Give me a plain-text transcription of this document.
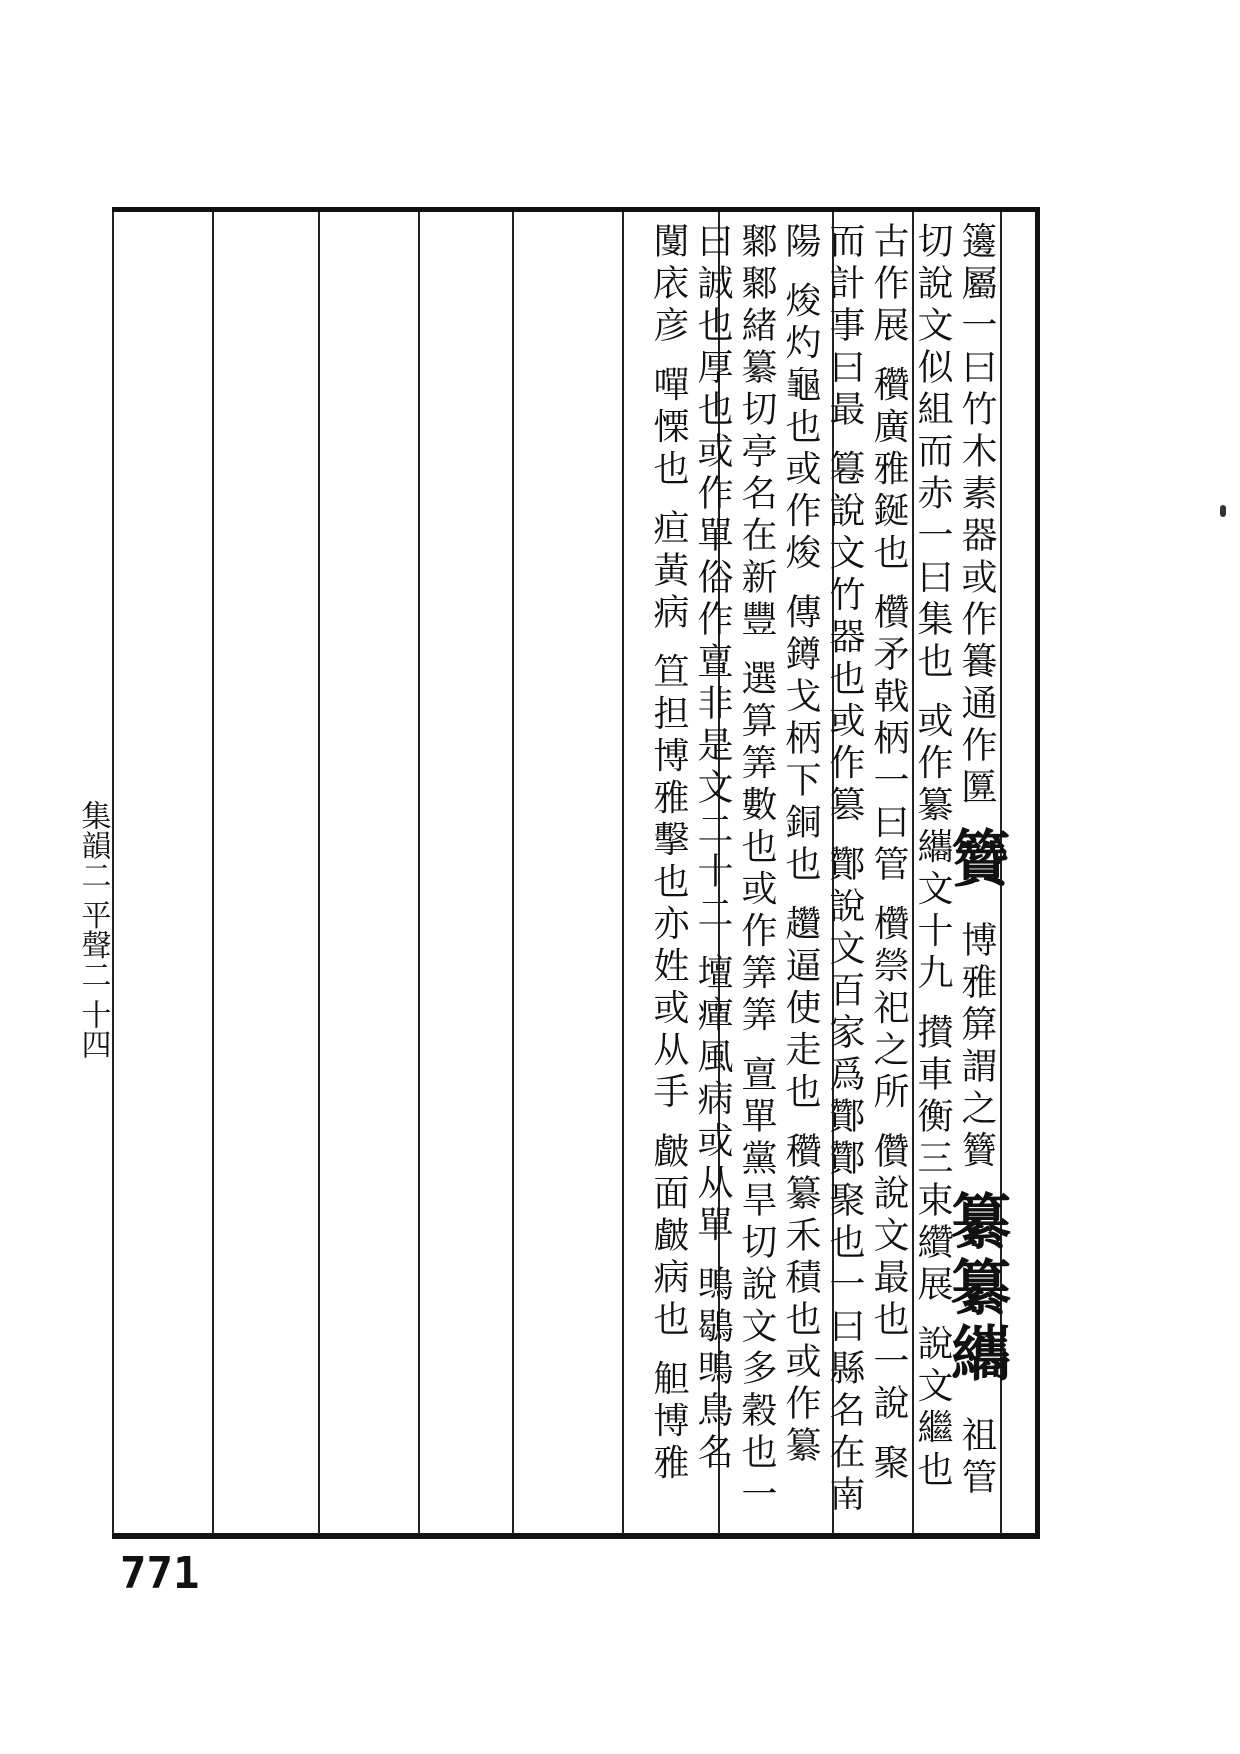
籩屬一曰竹木素器或作籑通作匴 籫 博雅箳謂之籫 纂纂纗 祖管切說文似組而赤一曰集也 或作纂纗文十九 攅車衡三束纘展 說文繼也古作展 穳廣雅鋋也 欑矛戟柄一曰管 欑禜祀之所 儹說文最也一說 聚而計事曰最 篹說文竹器也或作篡 酇說文百家爲酇酇聚也一曰縣名在南陽 焌灼龜也或作焌 傳鐏戈柄下銅也 趲逼使走也 穳纂禾積也或作纂 鄹鄹緒纂切亭名在新豐 選算筭數也或作筭筭 亶單黨旱切說文多穀也一曰誠也厚也或作單俗作亶非是文二十二 壇癉風病或从單 鴠鶡鴠鳥名 闅庡彦 嘽慄也 疸黃病 笪担博雅擊也亦姓或从手 皻面皻病也 觛博雅
集韻二 平聲二 十四
771
